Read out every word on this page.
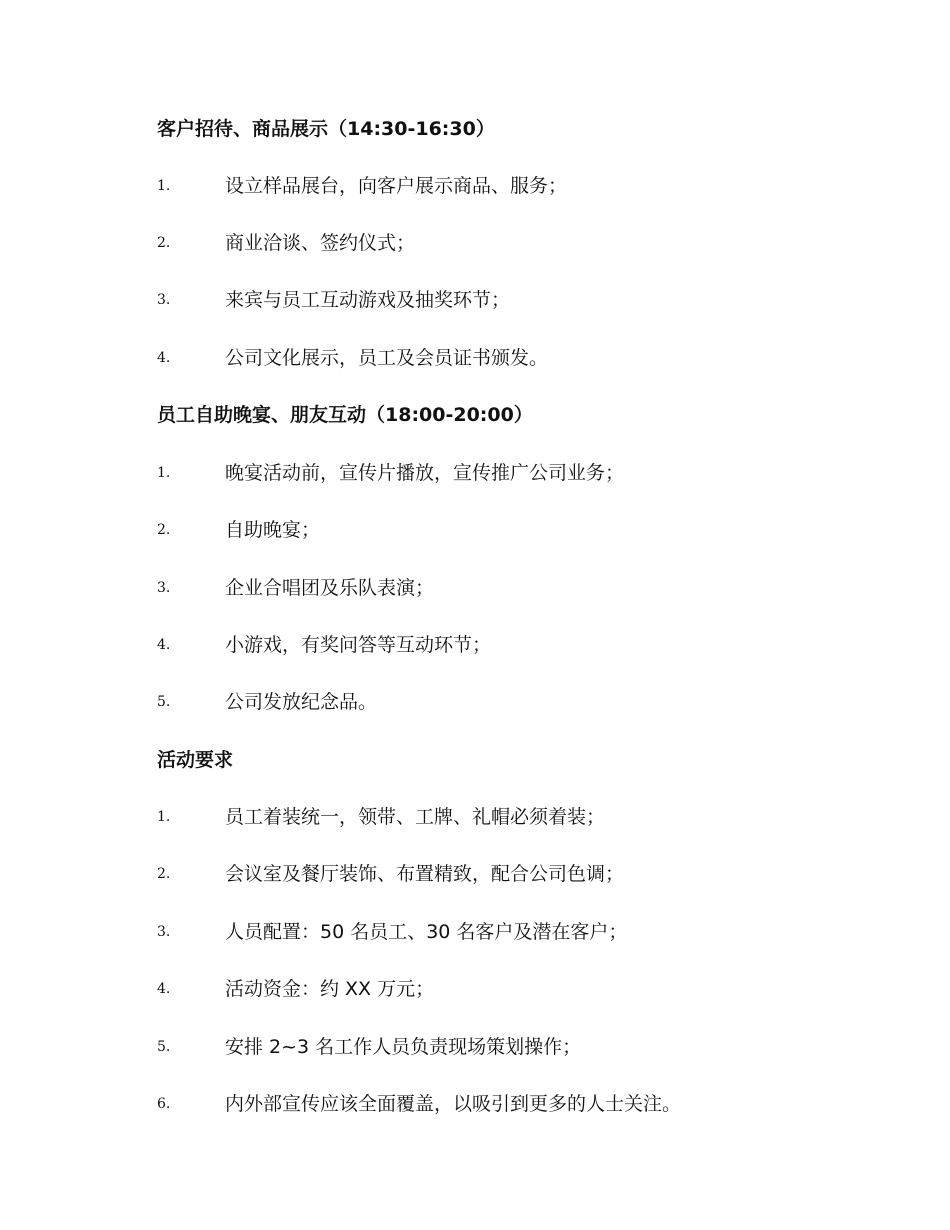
客户招待、商品展示（14:30-16:30）
1.	设立样品展台，向客户展示商品、服务；
2.	商业洽谈、签约仪式；
3.	来宾与员工互动游戏及抽奖环节；
4.	公司文化展示，员工及会员证书颁发。
员工自助晚宴、朋友互动（18:00-20:00）
1.	晚宴活动前，宣传片播放，宣传推广公司业务；
2.	自助晚宴；
3.	企业合唱团及乐队表演；
4.	小游戏，有奖问答等互动环节；
5.	公司发放纪念品。
活动要求
1.	员工着装统一，领带、工牌、礼帽必须着装；
2.	会议室及餐厅装饰、布置精致，配合公司色调；
3.	人员配置：50 名员工、30 名客户及潜在客户；
4.	活动资金：约 XX 万元；
5.	安排 2~3 名工作人员负责现场策划操作；
6.	内外部宣传应该全面覆盖，以吸引到更多的人士关注。
